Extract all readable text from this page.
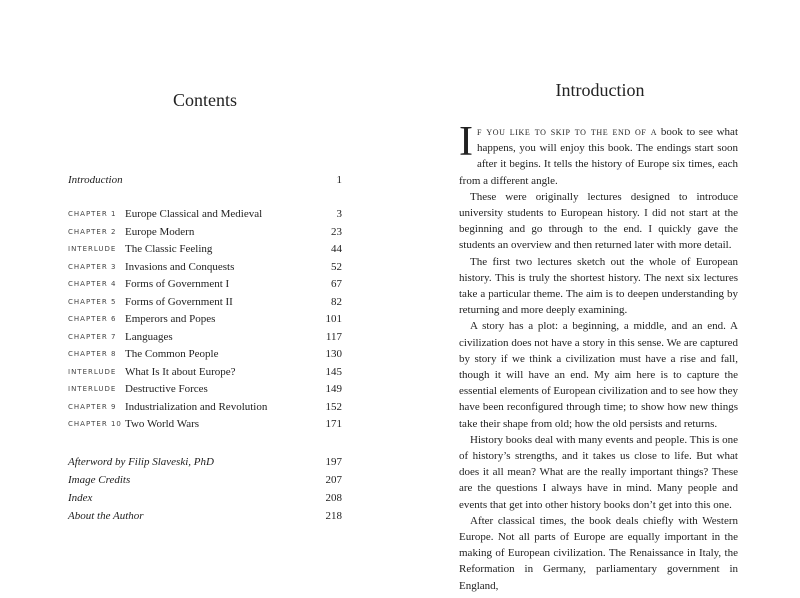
Contents
Introduction	1
CHAPTER 1 Europe Classical and Medieval	3
CHAPTER 2 Europe Modern	23
INTERLUDE The Classic Feeling	44
CHAPTER 3 Invasions and Conquests	52
CHAPTER 4 Forms of Government I	67
CHAPTER 5 Forms of Government II	82
CHAPTER 6 Emperors and Popes	101
CHAPTER 7 Languages	117
CHAPTER 8 The Common People	130
INTERLUDE What Is It about Europe?	145
INTERLUDE Destructive Forces	149
CHAPTER 9 Industrialization and Revolution	152
CHAPTER 10 Two World Wars	171
Afterword by Filip Slaveski, PhD	197
Image Credits	207
Index	208
About the Author	218
Introduction

If you like to skip to the end of a book to see what happens, you will enjoy this book. The endings start soon after it begins. It tells the history of Europe six times, each from a different angle.

These were originally lectures designed to introduce university students to European history. I did not start at the beginning and go through to the end. I quickly gave the students an overview and then returned later with more detail.

The first two lectures sketch out the whole of European history. This is truly the shortest history. The next six lectures take a particular theme. The aim is to deepen understanding by returning and more deeply examining.

A story has a plot: a beginning, a middle, and an end. A civilization does not have a story in this sense. We are captured by story if we think a civilization must have a rise and fall, though it will have an end. My aim here is to capture the essential elements of European civilization and to see how they have been reconfigured through time; to show how new things take their shape from old; how the old persists and returns.

History books deal with many events and people. This is one of history’s strengths, and it takes us close to life. But what does it all mean? What are the really important things? These are the questions I always have in mind. Many people and events that get into other history books don’t get into this one.

After classical times, the book deals chiefly with Western Europe. Not all parts of Europe are equally important in the making of European civilization. The Renaissance in Italy, the Reformation in Germany, parliamentary government in England,
